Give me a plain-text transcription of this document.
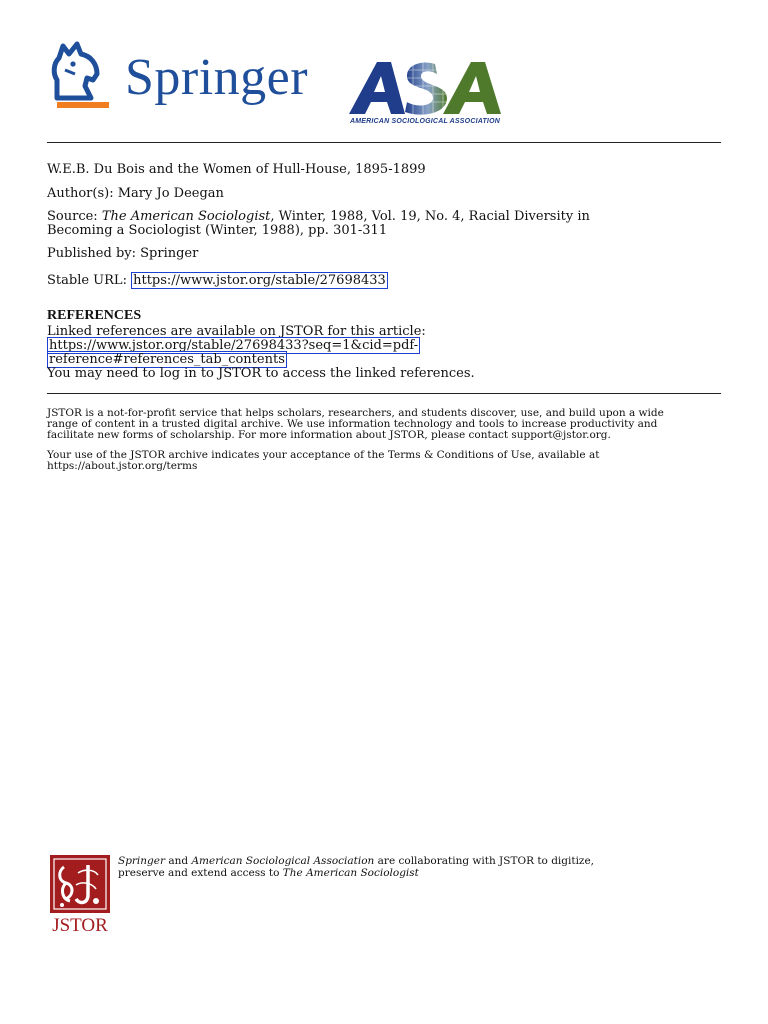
Springer
AMERICAN SOCIOLOGICAL ASSOCIATION
W.E.B. Du Bois and the Women of Hull-House, 1895-1899
Author(s): Mary Jo Deegan
Source: The American Sociologist, Winter, 1988, Vol. 19, No. 4, Racial Diversity in
Becoming a Sociologist (Winter, 1988), pp. 301-311
Published by: Springer
Stable URL: https://www.jstor.org/stable/27698433
REFERENCES
Linked references are available on JSTOR for this article:
https://www.jstor.org/stable/27698433?seq=1&cid=pdf-
reference#references_tab_contents
You may need to log in to JSTOR to access the linked references.
JSTOR is a not-for-profit service that helps scholars, researchers, and students discover, use, and build upon a wide
range of content in a trusted digital archive. We use information technology and tools to increase productivity and
facilitate new forms of scholarship. For more information about JSTOR, please contact support@jstor.org.
Your use of the JSTOR archive indicates your acceptance of the Terms & Conditions of Use, available at
https://about.jstor.org/terms
JSTOR
Springer and American Sociological Association are collaborating with JSTOR to digitize,
preserve and extend access to The American Sociologist
